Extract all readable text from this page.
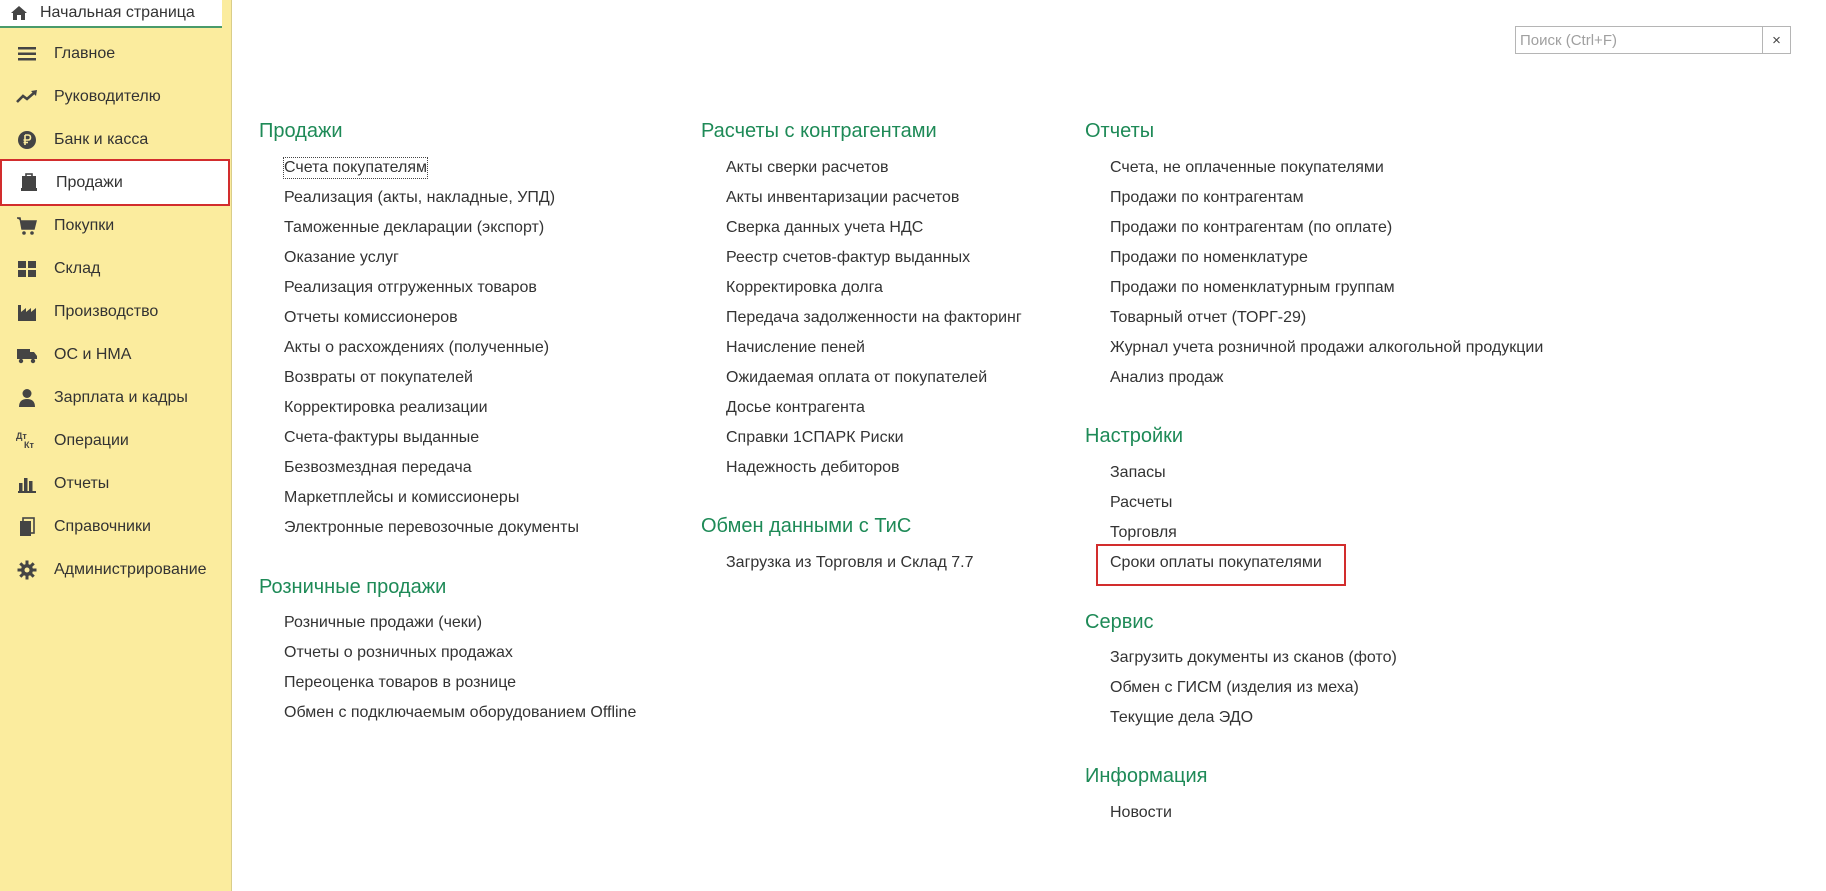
Начальная страница
Главное
Руководителю
Банк и касса
Продажи
Покупки
Склад
Производство
ОС и НМА
Зарплата и кадры
Дт
Кт Операции
Отчеты
Справочники
Администрирование
Поиск (Ctrl+F)
×
Продажи
Счета покупателям
Реализация (акты, накладные, УПД)
Таможенные декларации (экспорт)
Оказание услуг
Реализация отгруженных товаров
Отчеты комиссионеров
Акты о расхождениях (полученные)
Возвраты от покупателей
Корректировка реализации
Счета-фактуры выданные
Безвозмездная передача
Маркетплейсы и комиссионеры
Электронные перевозочные документы
Розничные продажи
Розничные продажи (чеки)
Отчеты о розничных продажах
Переоценка товаров в рознице
Обмен с подключаемым оборудованием Offline
Расчеты с контрагентами
Акты сверки расчетов
Акты инвентаризации расчетов
Сверка данных учета НДС
Реестр счетов-фактур выданных
Корректировка долга
Передача задолженности на факторинг
Начисление пеней
Ожидаемая оплата от покупателей
Досье контрагента
Справки 1СПАРК Риски
Надежность дебиторов
Обмен данными с ТиС
Загрузка из Торговля и Склад 7.7
Отчеты
Счета, не оплаченные покупателями
Продажи по контрагентам
Продажи по контрагентам (по оплате)
Продажи по номенклатуре
Продажи по номенклатурным группам
Товарный отчет (ТОРГ-29)
Журнал учета розничной продажи алкогольной продукции
Анализ продаж
Настройки
Запасы
Расчеты
Торговля
Сроки оплаты покупателями
Сервис
Загрузить документы из сканов (фото)
Обмен с ГИСМ (изделия из меха)
Текущие дела ЭДО
Информация
Новости
